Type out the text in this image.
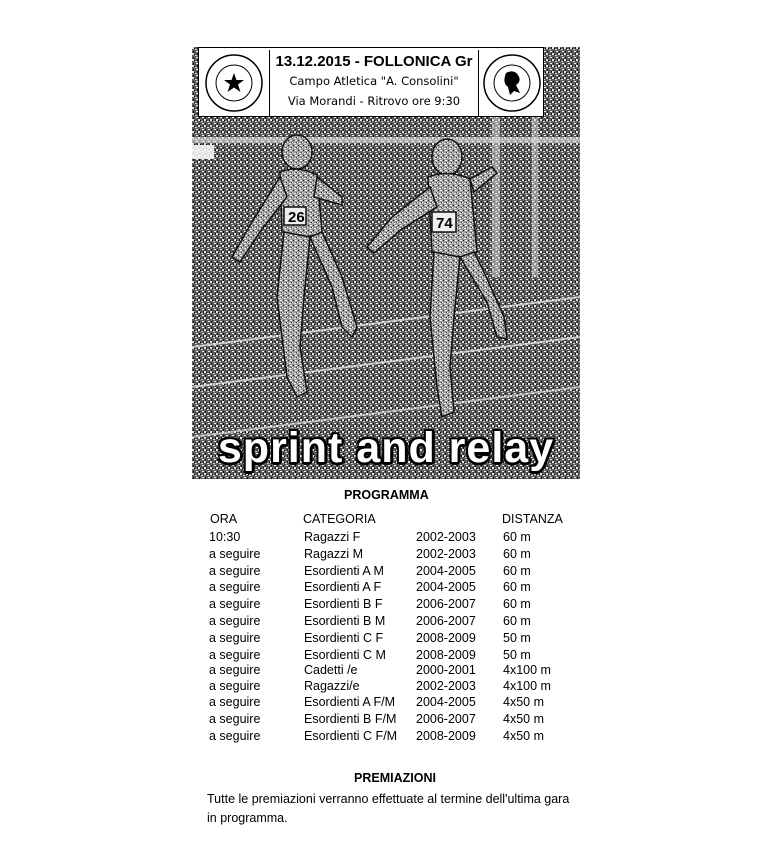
26	74
13.12.2015 - FOLLONICA Gr
Campo Atletica "A. Consolini"
Via Morandi - Ritrovo ore 9:30
sprint and relay
PROGRAMMA
ORA	CATEGORIA	DISTANZA
10:30	Ragazzi F	2002-2003 60 m
a seguire	Ragazzi M	2002-2003 60 m
a seguire	Esordienti A M	2004-2005 60 m
a seguire	Esordienti A F	2004-2005 60 m
a seguire	Esordienti B F	2006-2007 60 m
a seguire	Esordienti B M 2006-2007 60 m
a seguire	Esordienti C F	2008-2009 50 m
a seguire	Esordienti C M 2008-2009 50 m
a seguire	Cadetti /e	2000-2001 4x100 m
a seguire	Ragazzi/e	2002-2003 4x100 m
a seguire	Esordienti A F/M 2004-2005 4x50 m
a seguire	Esordienti B F/M 2006-2007 4x50 m
a seguire	Esordienti C F/M 2008-2009 4x50 m
PREMIAZIONI
Tutte le premiazioni verranno effettuate al termine dell'ultima gara in programma.
